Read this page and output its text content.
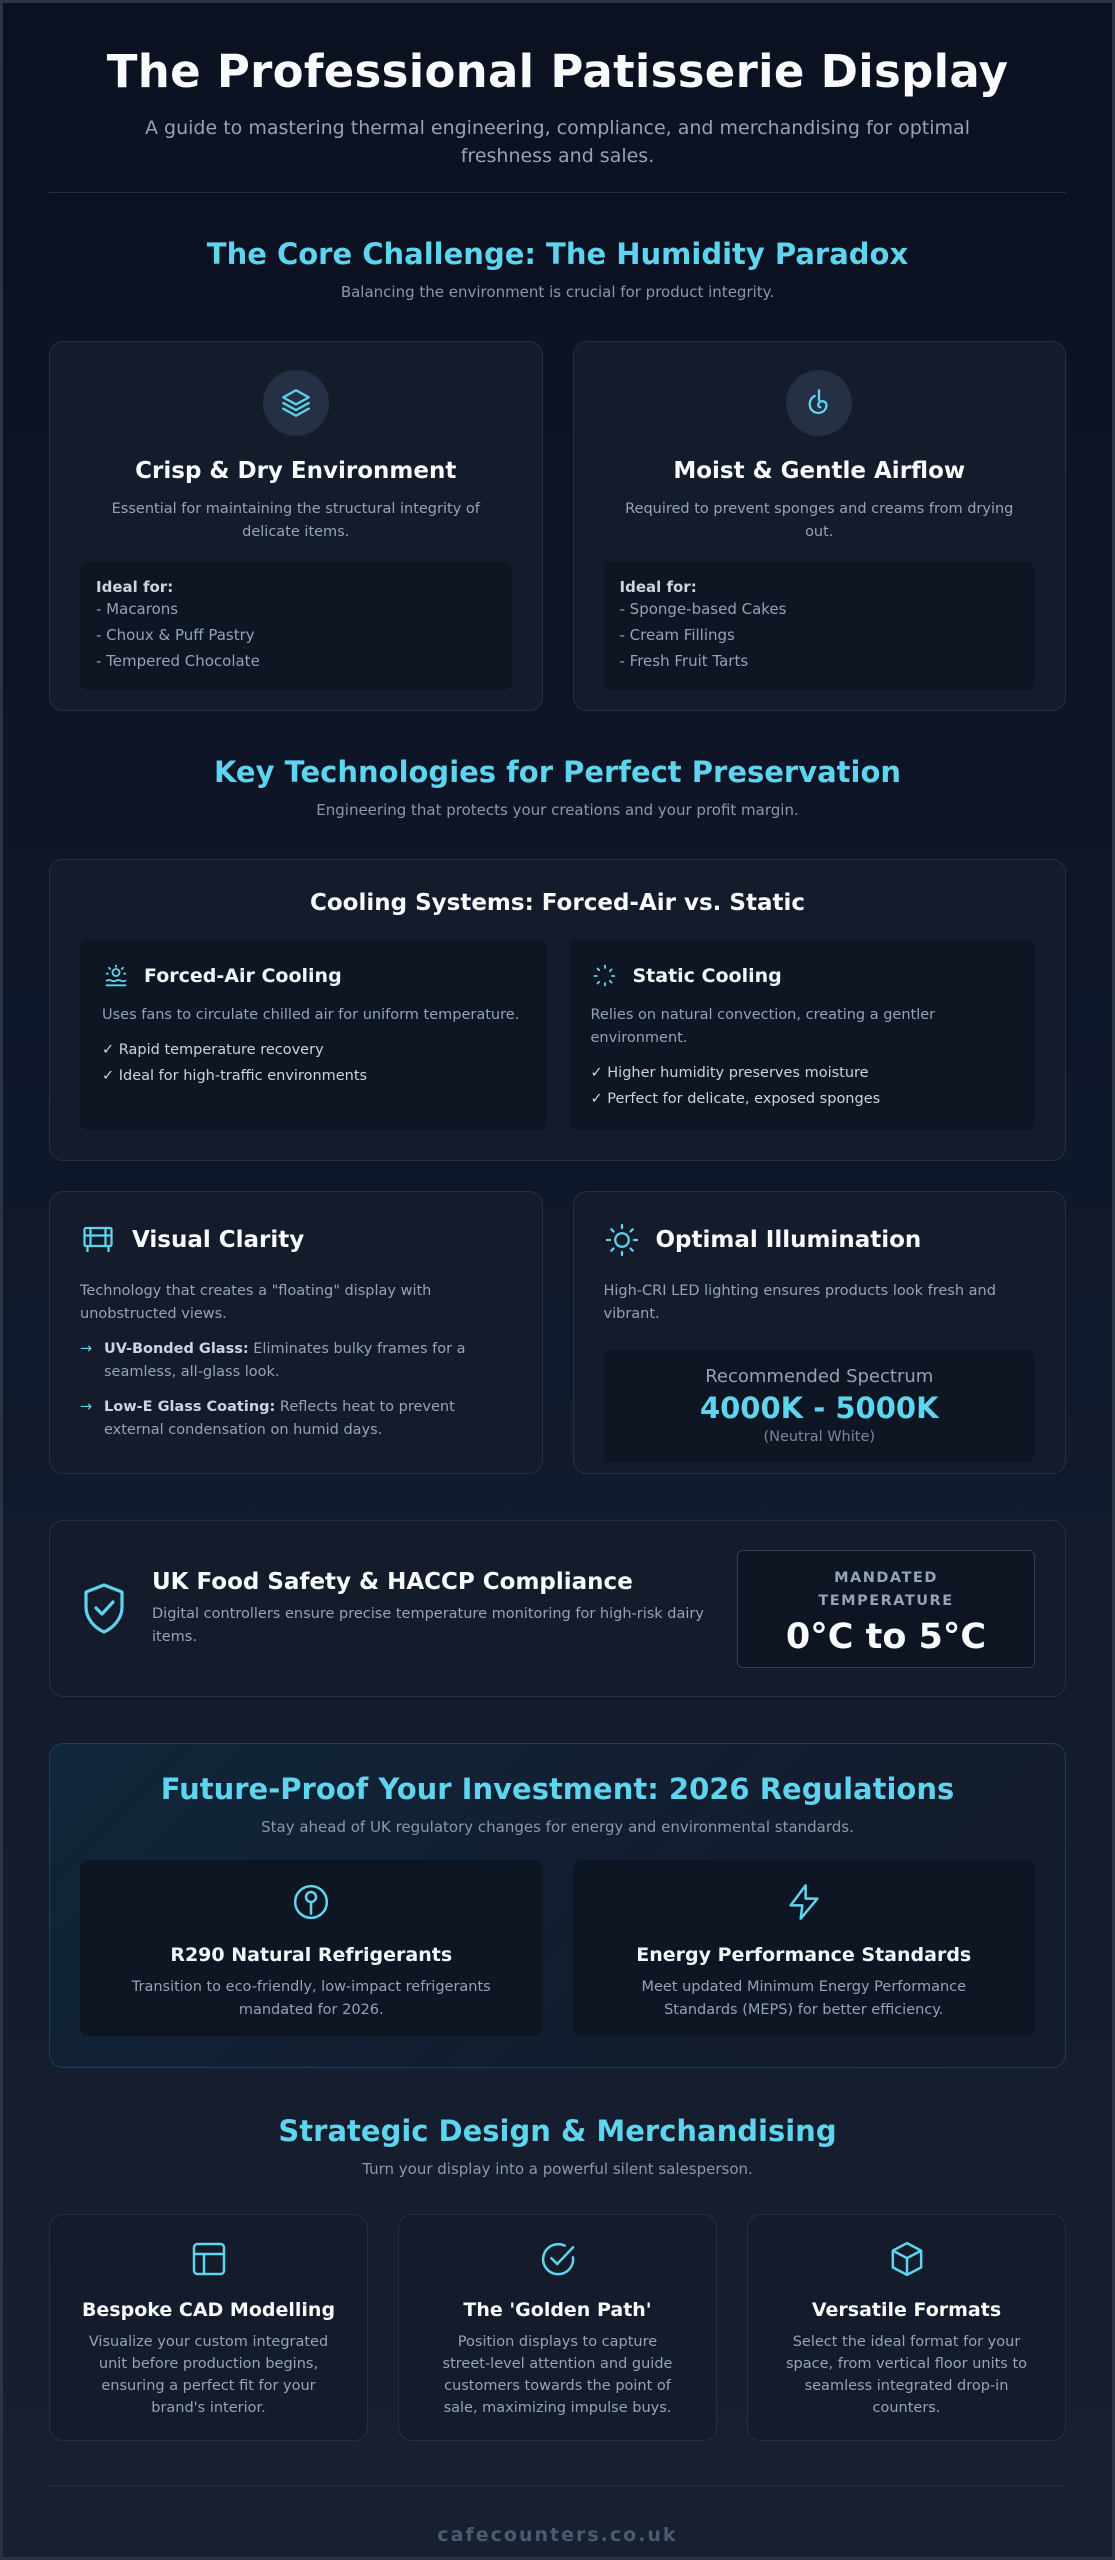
The Professional Patisserie Display

A guide to mastering thermal engineering, compliance, and merchandising for optimal freshness and sales.

The Core Challenge: The Humidity Paradox

Balancing the environment is crucial for product integrity.

Crisp & Dry Environment

Essential for maintaining the structural integrity of delicate items.

Ideal for:
- Macarons
- Choux & Puff Pastry
- Tempered Chocolate
Moist & Gentle Airflow

Required to prevent sponges and creams from drying out.

Ideal for:
- Sponge-based Cakes
- Cream Fillings
- Fresh Fruit Tarts
Key Technologies for Perfect Preservation

Engineering that protects your creations and your profit margin.

Cooling Systems: Forced-Air vs. Static
Forced-Air Cooling

Uses fans to circulate chilled air for uniform temperature.

✓ Rapid temperature recovery
✓ Ideal for high-traffic environments
Static Cooling

Relies on natural convection, creating a gentler environment.

✓ Higher humidity preserves moisture
✓ Perfect for delicate, exposed sponges
Visual Clarity

Technology that creates a "floating" display with unobstructed views.

→ UV-Bonded Glass: Eliminates bulky frames for a seamless, all-glass look.
→ Low-E Glass Coating: Reflects heat to prevent external condensation on humid days.
Optimal Illumination

High-CRI LED lighting ensures products look fresh and vibrant.

Recommended Spectrum
4000K - 5000K
(Neutral White)
UK Food Safety & HACCP Compliance

Digital controllers ensure precise temperature monitoring for high-risk dairy items.

MANDATED TEMPERATURE
0°C to 5°C
Future-Proof Your Investment: 2026 Regulations

Stay ahead of UK regulatory changes for energy and environmental standards.

R290 Natural Refrigerants

Transition to eco-friendly, low-impact refrigerants mandated for 2026.

Energy Performance Standards

Meet updated Minimum Energy Performance Standards (MEPS) for better efficiency.

Strategic Design & Merchandising

Turn your display into a powerful silent salesperson.

Bespoke CAD Modelling

Visualize your custom integrated unit before production begins, ensuring a perfect fit for your brand's interior.

The 'Golden Path'

Position displays to capture street-level attention and guide customers towards the point of sale, maximizing impulse buys.

Versatile Formats

Select the ideal format for your space, from vertical floor units to seamless integrated drop-in counters.

cafecounters.co.uk
